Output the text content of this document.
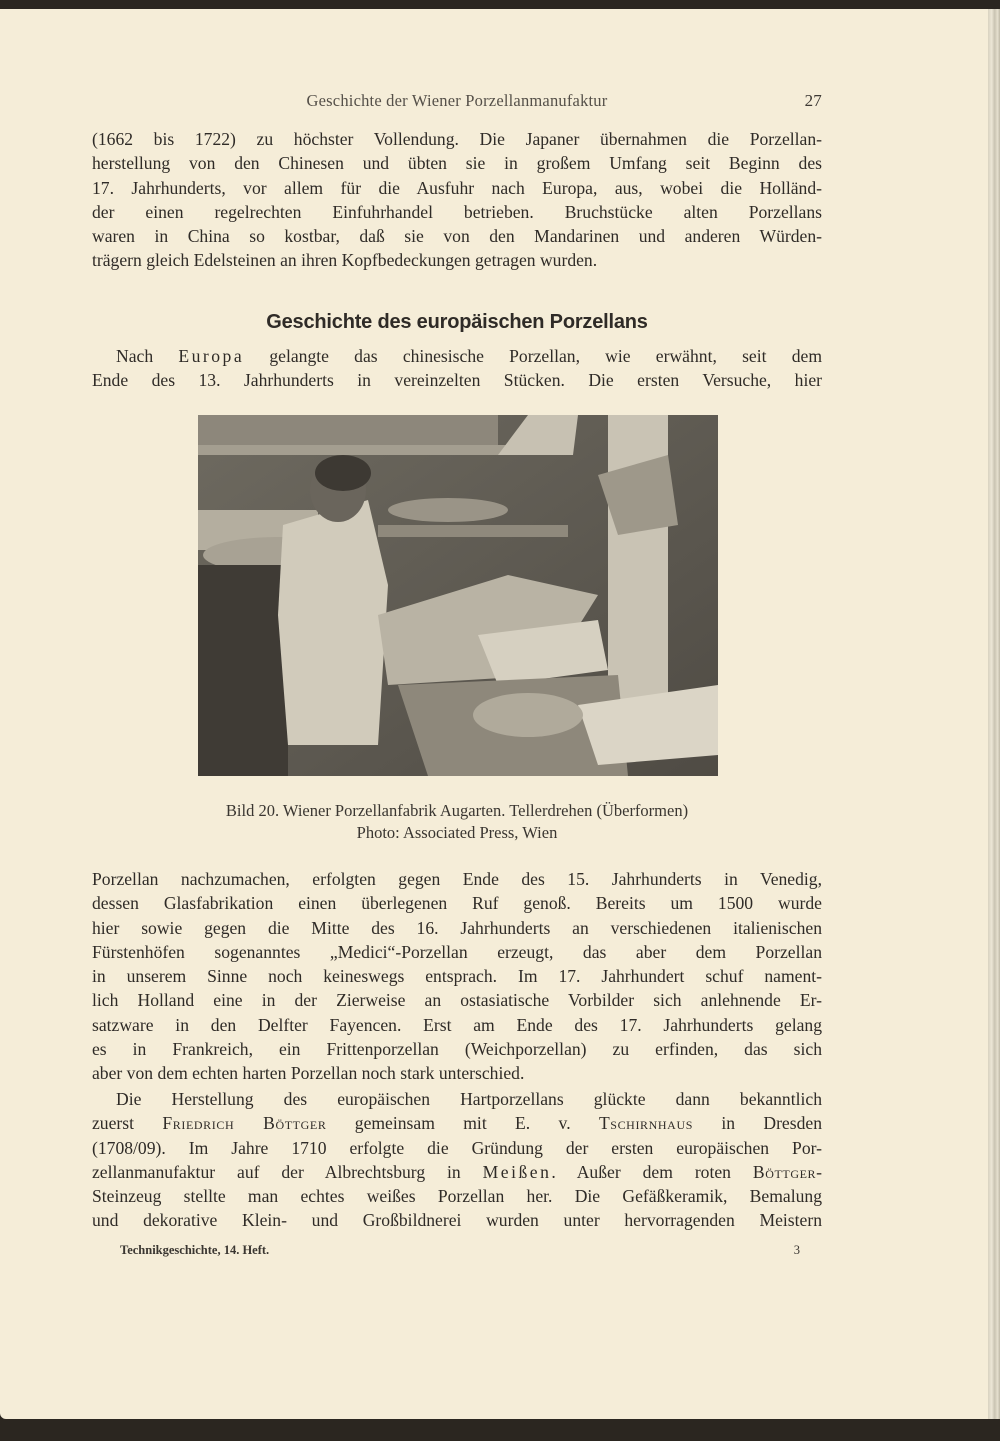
Geschichte der Wiener Porzellanmanufaktur	27
(1662 bis 1722) zu höchster Vollendung. Die Japaner übernahmen die Porzellan-
herstellung von den Chinesen und übten sie in großem Umfang seit Beginn des
17. Jahrhunderts, vor allem für die Ausfuhr nach Europa, aus, wobei die Holländ-
der einen regelrechten Einfuhrhandel betrieben. Bruchstücke alten Porzellans
waren in China so kostbar, daß sie von den Mandarinen und anderen Würden-
trägern gleich Edelsteinen an ihren Kopfbedeckungen getragen wurden.
Geschichte des europäischen Porzellans
Nach Europa gelangte das chinesische Porzellan, wie erwähnt, seit dem
Ende des 13. Jahrhunderts in vereinzelten Stücken. Die ersten Versuche, hier
Bild 20. Wiener Porzellanfabrik Augarten. Tellerdrehen (Überformen)
Photo: Associated Press, Wien
Porzellan nachzumachen, erfolgten gegen Ende des 15. Jahrhunderts in Venedig,
dessen Glasfabrikation einen überlegenen Ruf genoß. Bereits um 1500 wurde
hier sowie gegen die Mitte des 16. Jahrhunderts an verschiedenen italienischen
Fürstenhöfen sogenanntes „Medici“-Porzellan erzeugt, das aber dem Porzellan
in unserem Sinne noch keineswegs entsprach. Im 17. Jahrhundert schuf nament-
lich Holland eine in der Zierweise an ostasiatische Vorbilder sich anlehnende Er-
satzware in den Delfter Fayencen. Erst am Ende des 17. Jahrhunderts gelang
es in Frankreich, ein Frittenporzellan (Weichporzellan) zu erfinden, das sich
aber von dem echten harten Porzellan noch stark unterschied.
Die Herstellung des europäischen Hartporzellans glückte dann bekanntlich
zuerst Friedrich Böttger gemeinsam mit E. v. Tschirnhaus in Dresden
(1708/09). Im Jahre 1710 erfolgte die Gründung der ersten europäischen Por-
zellanmanufaktur auf der Albrechtsburg in Meißen. Außer dem roten Böttger-
Steinzeug stellte man echtes weißes Porzellan her. Die Gefäßkeramik, Bemalung
und dekorative Klein- und Großbildnerei wurden unter hervorragenden Meistern
Technikgeschichte, 14. Heft.	3
